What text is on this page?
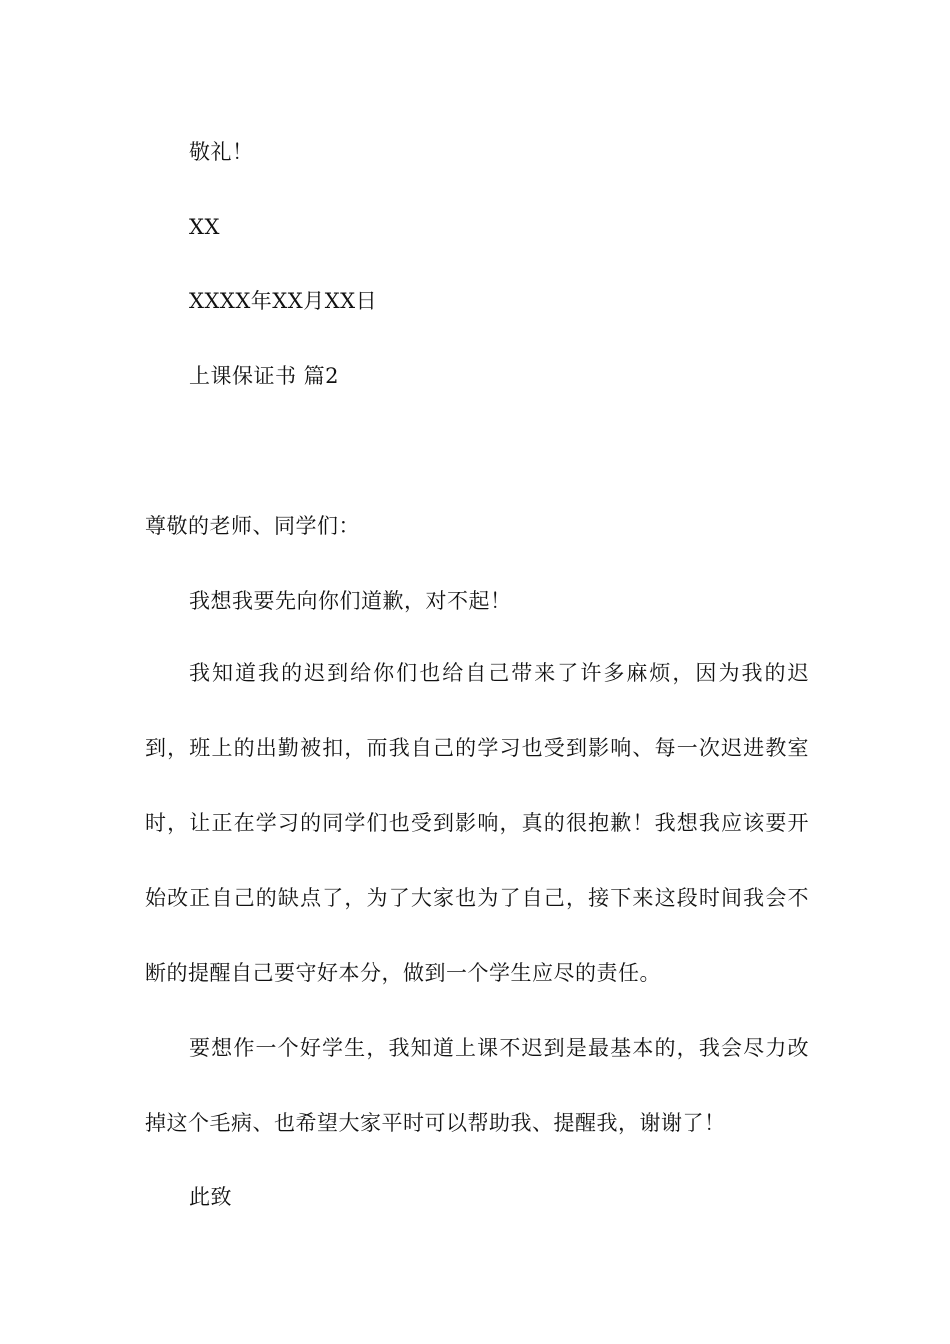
敬礼！
XX
XXXX年XX月XX日
上课保证书 篇2
尊敬的老师、同学们：
我想我要先向你们道歉，对不起！
我知道我的迟到给你们也给自己带来了许多麻烦，因为我的迟到，班上的出勤被扣，而我自己的学习也受到影响、每一次迟进教室时，让正在学习的同学们也受到影响，真的很抱歉！我想我应该要开始改正自己的缺点了，为了大家也为了自己，接下来这段时间我会不断的提醒自己要守好本分，做到一个学生应尽的责任。
要想作一个好学生，我知道上课不迟到是最基本的，我会尽力改掉这个毛病、也希望大家平时可以帮助我、提醒我，谢谢了！
此致
